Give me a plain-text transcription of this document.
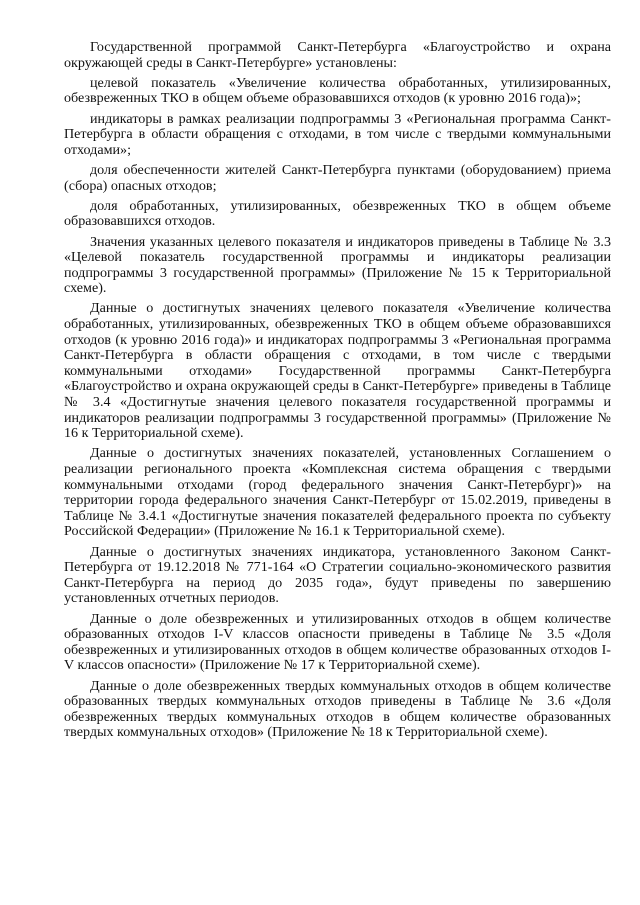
Государственной программой Санкт-Петербурга «Благоустройство и охрана окружающей среды в Санкт-Петербурге» установлены:

целевой показатель «Увеличение количества обработанных, утилизированных, обезвреженных ТКО в общем объеме образовавшихся отходов (к уровню 2016 года)»;

индикаторы в рамках реализации подпрограммы 3 «Региональная программа Санкт-Петербурга в области обращения с отходами, в том числе с твердыми коммунальными отходами»;

доля обеспеченности жителей Санкт-Петербурга пунктами (оборудованием) приема (сбора) опасных отходов;

доля обработанных, утилизированных, обезвреженных ТКО в общем объеме образовавшихся отходов.

Значения указанных целевого показателя и индикаторов приведены в Таблице № 3.3 «Целевой показатель государственной программы и индикаторы реализации подпрограммы 3 государственной программы» (Приложение № 15 к Территориальной схеме).

Данные о достигнутых значениях целевого показателя «Увеличение количества обработанных, утилизированных, обезвреженных ТКО в общем объеме образовавшихся отходов (к уровню 2016 года)» и индикаторах подпрограммы 3 «Региональная программа Санкт-Петербурга в области обращения с отходами, в том числе с твердыми коммунальными отходами» Государственной программы Санкт-Петербурга «Благоустройство и охрана окружающей среды в Санкт-Петербурге» приведены в Таблице № 3.4 «Достигнутые значения целевого показателя государственной программы и индикаторов реализации подпрограммы 3 государственной программы» (Приложение № 16 к Территориальной схеме).

Данные о достигнутых значениях показателей, установленных Соглашением о реализации регионального проекта «Комплексная система обращения с твердыми коммунальными отходами (город федерального значения Санкт-Петербург)» на территории города федерального значения Санкт-Петербург от 15.02.2019, приведены в Таблице № 3.4.1 «Достигнутые значения показателей федерального проекта по субъекту Российской Федерации» (Приложение № 16.1 к Территориальной схеме).

Данные о достигнутых значениях индикатора, установленного Законом Санкт-Петербурга от 19.12.2018 № 771-164 «О Стратегии социально-экономического развития Санкт-Петербурга на период до 2035 года», будут приведены по завершению установленных отчетных периодов.

Данные о доле обезвреженных и утилизированных отходов в общем количестве образованных отходов I-V классов опасности приведены в Таблице № 3.5 «Доля обезвреженных и утилизированных отходов в общем количестве образованных отходов I-V классов опасности» (Приложение № 17 к Территориальной схеме).

Данные о доле обезвреженных твердых коммунальных отходов в общем количестве образованных твердых коммунальных отходов приведены в Таблице № 3.6 «Доля обезвреженных твердых коммунальных отходов в общем количестве образованных твердых коммунальных отходов» (Приложение № 18 к Территориальной схеме).
